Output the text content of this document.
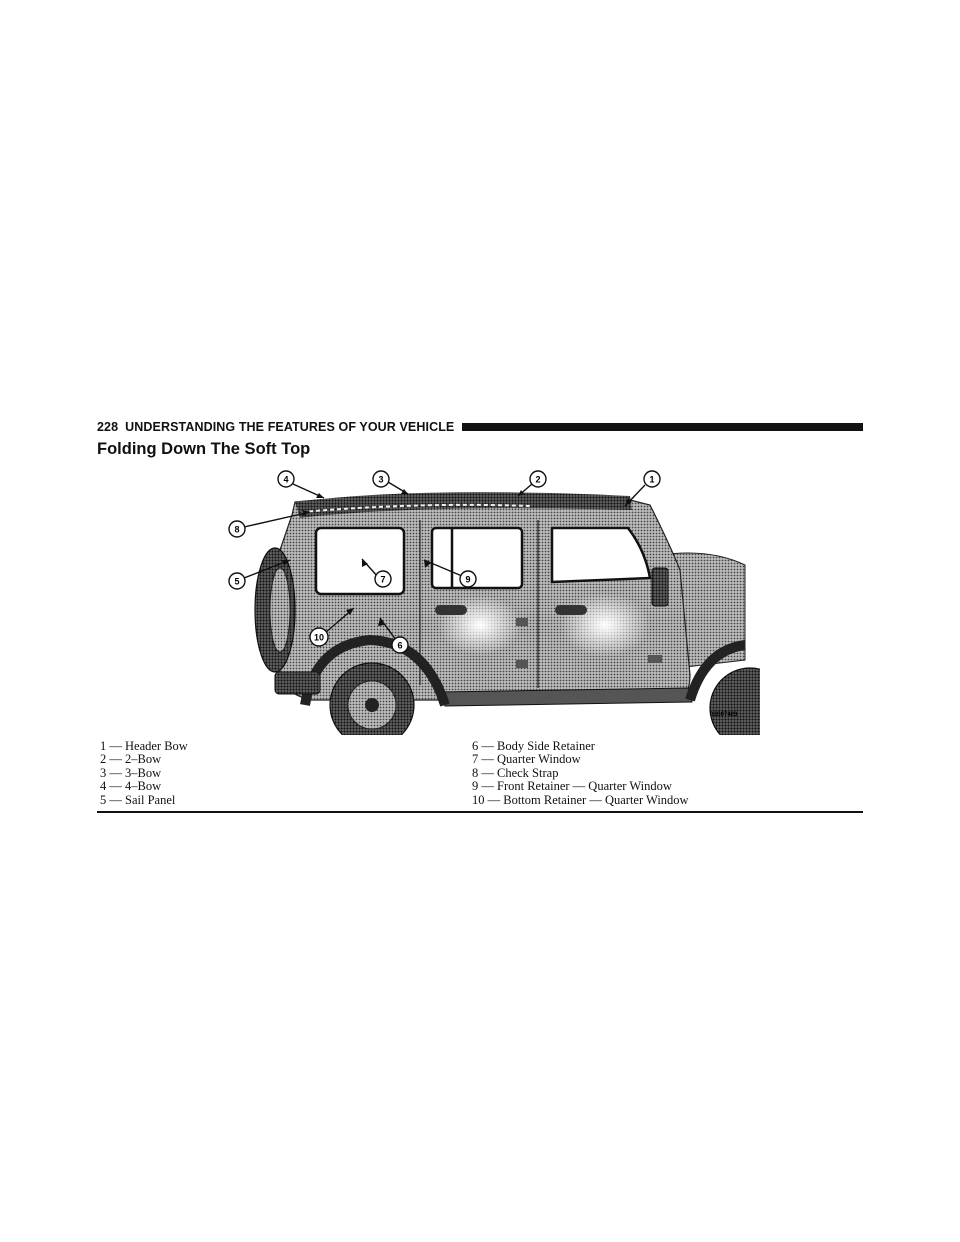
228 UNDERSTANDING THE FEATURES OF YOUR VEHICLE
Folding Down The Soft Top
1
2
3
4
5
6
7
8
9
10
03S07423
1 — Header Bow
2 — 2–Bow
3 — 3–Bow
4 — 4–Bow
5 — Sail Panel
6 — Body Side Retainer
7 — Quarter Window
8 — Check Strap
9 — Front Retainer — Quarter Window
10 — Bottom Retainer — Quarter Window
